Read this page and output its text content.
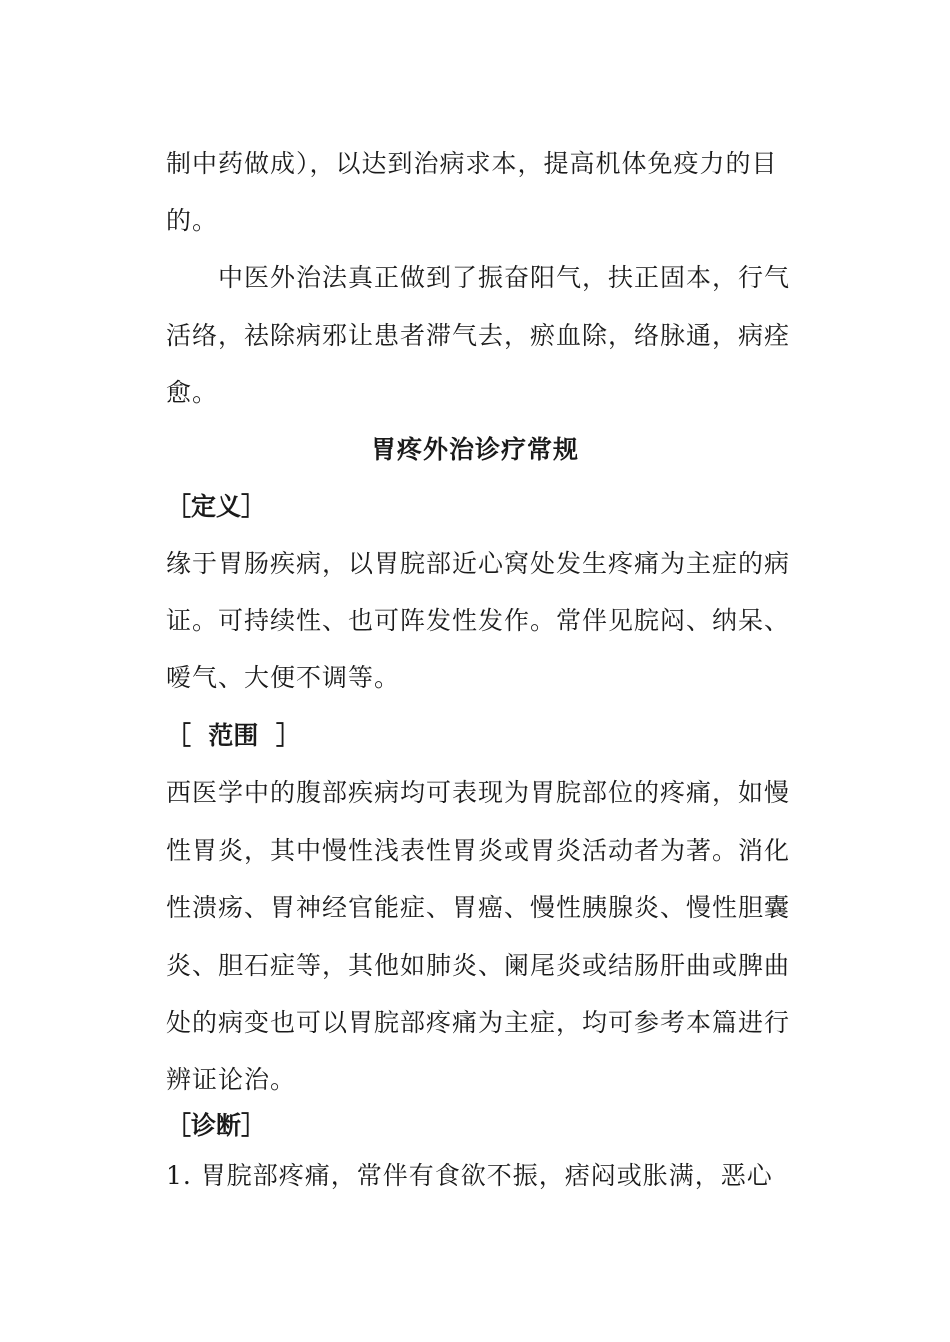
制中药做成），以达到治病求本，提高机体免疫力的目
的。
中医外治法真正做到了振奋阳气，扶正固本，行气
活络，祛除病邪让患者滞气去，瘀血除，络脉通，病痊
愈。
胃疼外治诊疗常规
［定义］
缘于胃肠疾病，以胃脘部近心窝处发生疼痛为主症的病
证。可持续性、也可阵发性发作。常伴见脘闷、纳呆、
嗳气、大便不调等。
［  范围  ］
西医学中的腹部疾病均可表现为胃脘部位的疼痛，如慢
性胃炎，其中慢性浅表性胃炎或胃炎活动者为著。消化
性溃疡、胃神经官能症、胃癌、慢性胰腺炎、慢性胆囊
炎、胆石症等，其他如肺炎、阑尾炎或结肠肝曲或脾曲
处的病变也可以胃脘部疼痛为主症，均可参考本篇进行
辨证论治。
［诊断］
1. 胃脘部疼痛，常伴有食欲不振，痞闷或胀满，恶心
